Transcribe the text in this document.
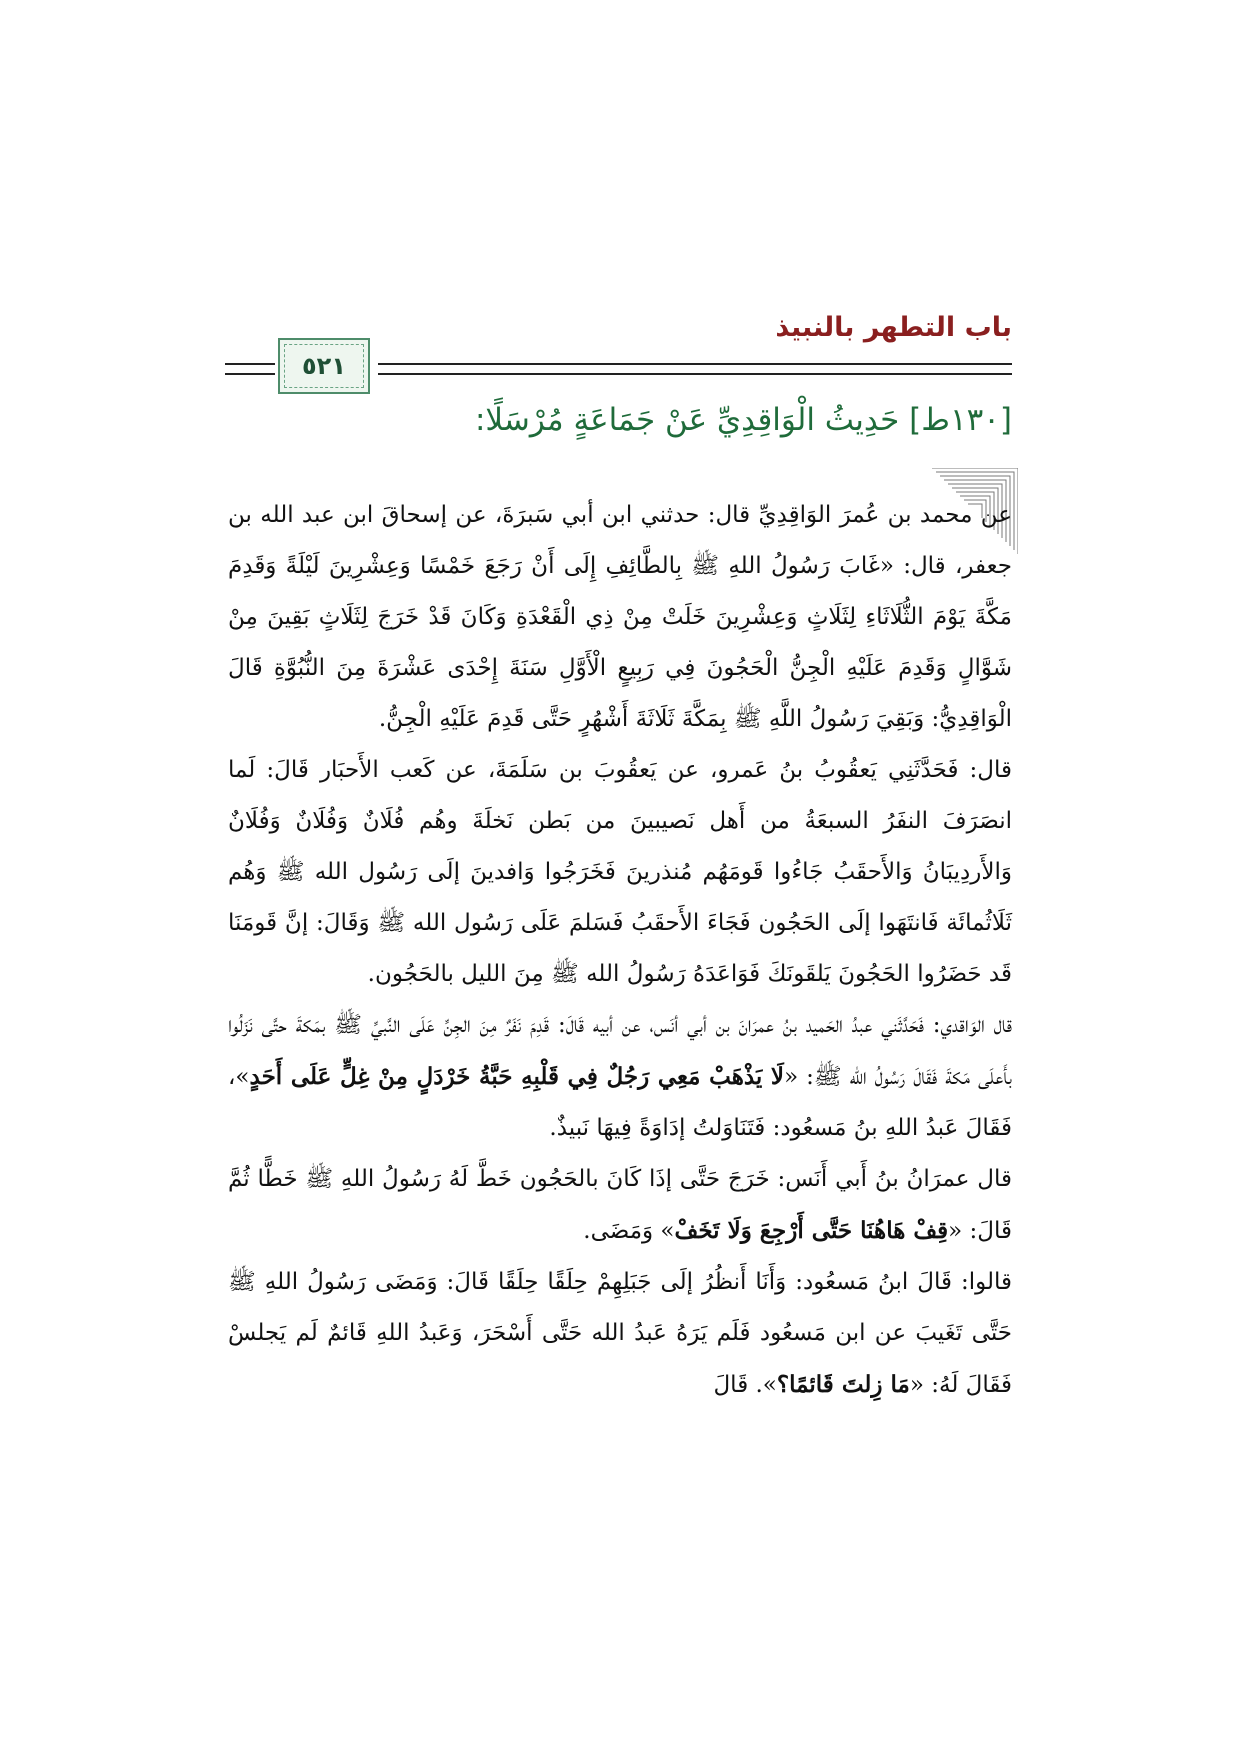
باب التطهر بالنبيذ
٥٢١
[١٣٠ط] حَدِيثُ الْوَاقِدِيِّ عَنْ جَمَاعَةٍ مُرْسَلًا:

عن محمد بن عُمرَ الوَاقِدِيِّ قال: حدثني ابن أبي سَبرَةَ، عن إسحاقَ ابن عبد الله بن جعفر، قال: «غَابَ رَسُولُ اللهِ ﷺ بِالطَّائِفِ إِلَى أَنْ رَجَعَ خَمْسًا وَعِشْرِينَ لَيْلَةً وَقَدِمَ مَكَّةَ يَوْمَ الثُّلَاثَاءِ لِثَلَاثٍ وَعِشْرِينَ خَلَتْ مِنْ ذِي الْقَعْدَةِ وَكَانَ قَدْ خَرَجَ لِثَلَاثٍ بَقِينَ مِنْ شَوَّالٍ وَقَدِمَ عَلَيْهِ الْجِنُّ الْحَجُونَ فِي رَبِيعٍ الْأَوَّلِ سَنَةَ إِحْدَى عَشْرَةَ مِنَ النُّبُوَّةِ قَالَ الْوَاقِدِيُّ: وَبَقِيَ رَسُولُ اللَّهِ ﷺ بِمَكَّةَ ثَلَاثَةَ أَشْهُرٍ حَتَّى قَدِمَ عَلَيْهِ الْجِنُّ.

قال: فَحَدَّثَنِي يَعقُوبُ بنُ عَمرو، عن يَعقُوبَ بن سَلَمَةَ، عن كَعب الأَحبَار قَالَ: لَما انصَرَفَ النفَرُ السبعَةُ من أَهل نَصيبينَ من بَطن نَخلَةَ وهُم فُلَانٌ وَفُلَانٌ وَفُلَانٌ وَالأَردِيبَانُ وَالأَحقَبُ جَاءُوا قَومَهُم مُنذرينَ فَخَرَجُوا وَافدينَ إلَى رَسُول الله ﷺ وَهُم ثَلَاثُمائَة فَانتَهَوا إلَى الحَجُون فَجَاءَ الأَحقَبُ فَسَلمَ عَلَى رَسُول الله ﷺ وَقَالَ: إنَّ قَومَنَا قَد حَضَرُوا الحَجُونَ يَلقَونَكَ فَوَاعَدَهُ رَسُولُ الله ﷺ مِنَ الليل بالحَجُون.

قال الوَاقدي: فَحَدَّثَني عبدُ الحَميد بنُ عمرَانَ بن أبي أنَس، عن أبيه قَالَ: قَدِمَ نَفَرٌ مِنَ الجِنِّ عَلَى النَّبيِّ ﷺ بمَكةَ حتَّى نَزَلُوا بأَعلَى مَكةَ فَقَالَ رَسُولُ الله ﷺ: «لَا يَذْهَبْ مَعِي رَجُلٌ فِي قَلْبِهِ حَبَّةُ خَرْدَلٍ مِنْ غِلٍّ عَلَى أَحَدٍ»، فَقَالَ عَبدُ اللهِ بنُ مَسعُود: فَتَنَاوَلتُ إدَاوَةً فِيهَا نَبيذٌ.

قال عمرَانُ بنُ أَبي أَنَس: خَرَجَ حَتَّى إذَا كَانَ بالحَجُون خَطَّ لَهُ رَسُولُ اللهِ ﷺ خَطًّا ثُمَّ قَالَ: «قِفْ هَاهُنَا حَتَّى أَرْجِعَ وَلَا تَخَفْ» وَمَضَى.

قالوا: قَالَ ابنُ مَسعُود: وَأَنَا أَنظُرُ إلَى جَبَلِهِمْ حِلَقًا حِلَقًا قَالَ: وَمَضَى رَسُولُ اللهِ ﷺ حَتَّى تَغَيبَ عن ابن مَسعُود فَلَم يَرَهُ عَبدُ الله حَتَّى أَسْحَرَ، وَعَبدُ اللهِ قَائمٌ لَم يَجلسْ فَقَالَ لَهُ: «مَا زِلتَ قَائمًا؟». قَالَ
